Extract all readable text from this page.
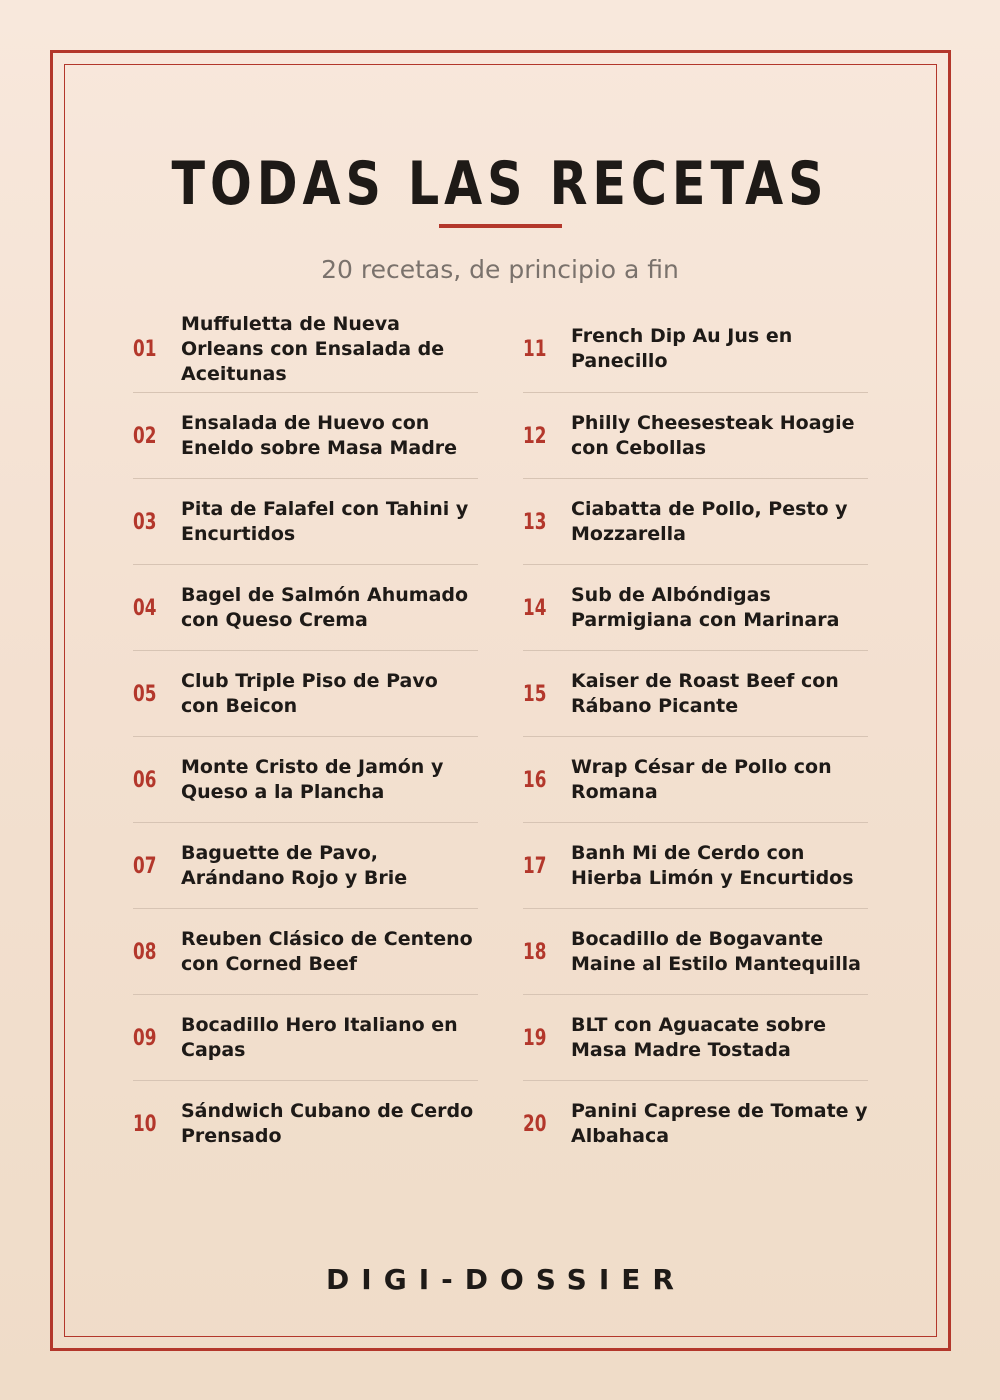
TODAS LAS RECETAS
20 recetas, de principio a fin
01
Muffuletta de Nueva Orleans con Ensalada de Aceitunas
02
Ensalada de Huevo con Eneldo sobre Masa Madre
03
Pita de Falafel con Tahini y Encurtidos
04
Bagel de Salmón Ahumado con Queso Crema
05
Club Triple Piso de Pavo con Beicon
06
Monte Cristo de Jamón y Queso a la Plancha
07
Baguette de Pavo, Arándano Rojo y Brie
08
Reuben Clásico de Centeno con Corned Beef
09
Bocadillo Hero Italiano en Capas
10
Sándwich Cubano de Cerdo Prensado
11
French Dip Au Jus en Panecillo
12
Philly Cheesesteak Hoagie con Cebollas
13
Ciabatta de Pollo, Pesto y Mozzarella
14
Sub de Albóndigas Parmigiana con Marinara
15
Kaiser de Roast Beef con Rábano Picante
16
Wrap César de Pollo con Romana
17
Banh Mi de Cerdo con Hierba Limón y Encurtidos
18
Bocadillo de Bogavante Maine al Estilo Mantequilla
19
BLT con Aguacate sobre Masa Madre Tostada
20
Panini Caprese de Tomate y Albahaca
DIGI-DOSSIER
